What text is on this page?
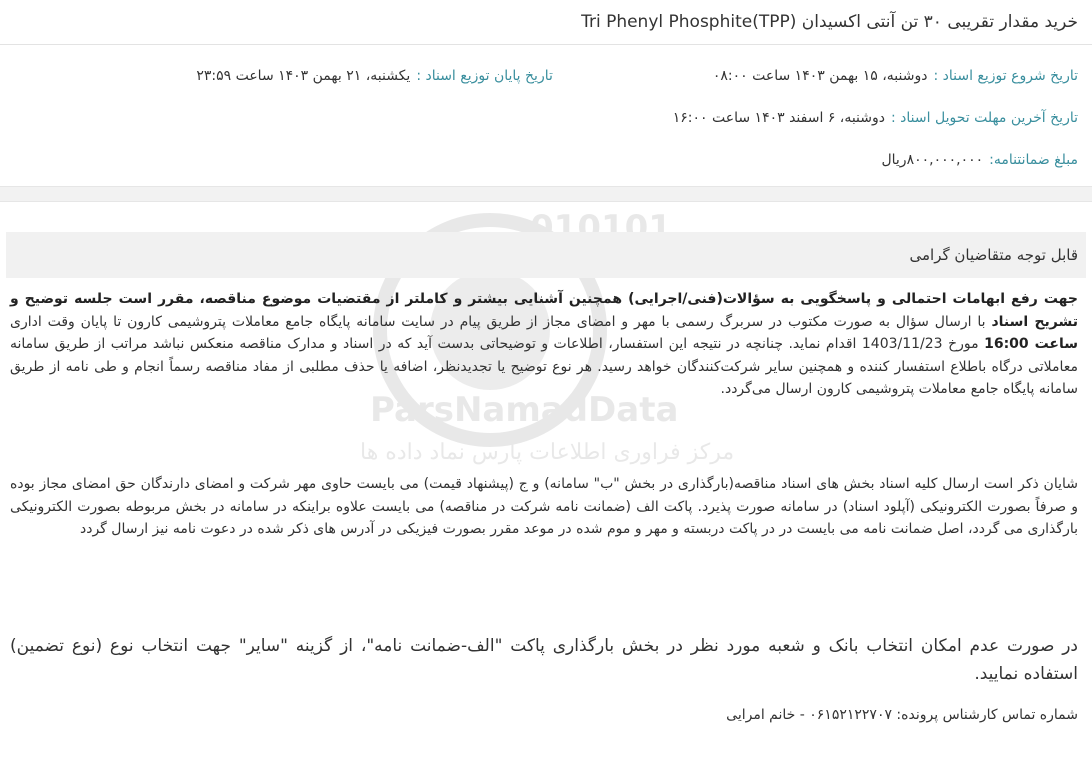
خرید مقدار تقریبی ۳۰ تن آنتی اکسیدان Tri Phenyl Phosphite(TPP)
تاریخ شروع توزیع اسناد :
دوشنبه، ۱۵ بهمن ۱۴۰۳ ساعت ۰۸:۰۰
تاریخ پایان توزیع اسناد :
یکشنبه، ۲۱ بهمن ۱۴۰۳ ساعت ۲۳:۵۹
تاریخ آخرین مهلت تحویل اسناد :
دوشنبه، ۶ اسفند ۱۴۰۳ ساعت ۱۶:۰۰
مبلغ ضمانتنامه:
۸۰۰,۰۰۰,۰۰۰ریال
010101
ParsNamadData
مرکز فراوری اطلاعات پارس نماد داده ها
قابل توجه متقاضیان گرامی
جهت رفع ابهامات احتمالی و پاسخگویی به سؤالات(فنی/اجرایی) همچنین آشنایی بیشتر و کاملتر از مقتضیات موضوع مناقصه، مقرر است جلسه توضیح و تشریح اسناد با ارسال سؤال به صورت مکتوب در سربرگ رسمی با مهر و امضای مجاز از طریق پیام در سایت سامانه پایگاه جامع معاملات پتروشیمی کارون تا پایان وقت اداری ساعت 16:00 مورخ 1403/11/23 اقدام نماید. چنانچه در نتیجه این استفسار، اطلاعات و توضیحاتی بدست آید که در اسناد و مدارک مناقصه منعکس نباشد مراتب از طریق سامانه معاملاتی درگاه باطلاع استفسار کننده و همچنین سایر شرکت‌کنندگان خواهد رسید. هر نوع توضیح یا تجدیدنظر، اضافه یا حذف مطلبی از مفاد مناقصه رسماً انجام و طی نامه از طریق سامانه پایگاه جامع معاملات پتروشیمی کارون ارسال می‌گردد.
شایان ذکر است ارسال کلیه اسناد بخش های اسناد مناقصه(بارگذاری در بخش "ب" سامانه) و ج (پیشنهاد قیمت) می بایست حاوی مهر شرکت و امضای دارندگان حق امضای مجاز بوده و صرفاً بصورت الکترونیکی (آپلود اسناد) در سامانه صورت پذیرد. پاکت الف (ضمانت نامه شرکت در مناقصه) می بایست علاوه براینکه در سامانه در بخش مربوطه بصورت الکترونیکی بارگذاری می گردد، اصل ضمانت نامه می بایست در در پاکت دربسته و مهر و موم شده در موعد مقرر بصورت فیزیکی در آدرس های ذکر شده در دعوت نامه نیز ارسال گردد
در صورت عدم امکان انتخاب بانک و شعبه مورد نظر در بخش بارگذاری پاکت "الف-ضمانت نامه"، از گزینه "سایر" جهت انتخاب نوع (نوع تضمین) استفاده نمایید.
شماره تماس کارشناس پرونده: ۰۶۱۵۲۱۲۲۷۰۷ - خانم امرایی
